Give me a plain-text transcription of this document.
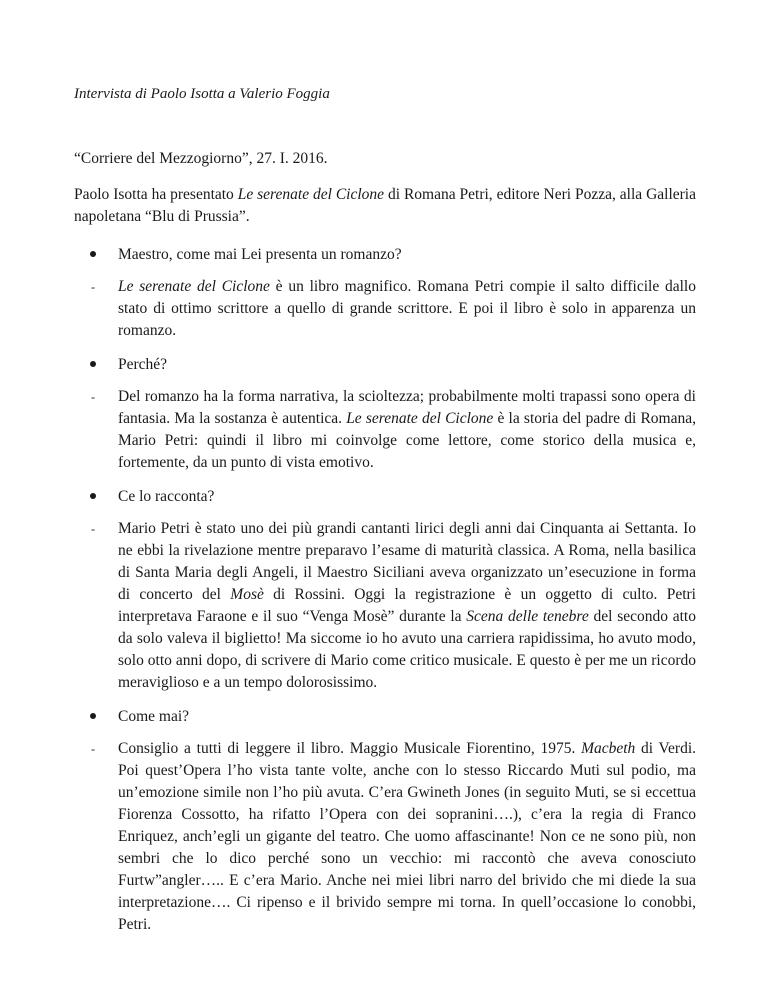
Intervista di Paolo Isotta a Valerio Foggia

“Corriere del Mezzogiorno”, 27. I. 2016.

Paolo Isotta ha presentato Le serenate del Ciclone di Romana Petri, editore Neri Pozza, alla Galleria napoletana “Blu di Prussia”.

Maestro, come mai Lei presenta un romanzo?
-	Le serenate del Ciclone è un libro magnifico. Romana Petri compie il salto difficile dallo stato di ottimo scrittore a quello di grande scrittore. E poi il libro è solo in apparenza un romanzo.
Perché?
-	Del romanzo ha la forma narrativa, la scioltezza; probabilmente molti trapassi sono opera di fantasia. Ma la sostanza è autentica. Le serenate del Ciclone è la storia del padre di Romana, Mario Petri: quindi il libro mi coinvolge come lettore, come storico della musica e, fortemente, da un punto di vista emotivo.
Ce lo racconta?
-	Mario Petri è stato uno dei più grandi cantanti lirici degli anni dai Cinquanta ai Settanta. Io ne ebbi la rivelazione mentre preparavo l’esame di maturità classica. A Roma, nella basilica di Santa Maria degli Angeli, il Maestro Siciliani aveva organizzato un’esecuzione in forma di concerto del Mosè di Rossini. Oggi la registrazione è un oggetto di culto. Petri interpretava Faraone e il suo “Venga Mosè” durante la Scena delle tenebre del secondo atto da solo valeva il biglietto! Ma siccome io ho avuto una carriera rapidissima, ho avuto modo, solo otto anni dopo, di scrivere di Mario come critico musicale. E questo è per me un ricordo meraviglioso e a un tempo dolorosissimo.
Come mai?
-	Consiglio a tutti di leggere il libro. Maggio Musicale Fiorentino, 1975. Macbeth di Verdi. Poi quest’Opera l’ho vista tante volte, anche con lo stesso Riccardo Muti sul podio, ma un’emozione simile non l’ho più avuta. C’era Gwineth Jones (in seguito Muti, se si eccettua Fiorenza Cossotto, ha rifatto l’Opera con dei sopranini….), c’era la regia di Franco Enriquez, anch’egli un gigante del teatro. Che uomo affascinante! Non ce ne sono più, non sembri che lo dico perché sono un vecchio: mi raccontò che aveva conosciuto Furtw”angler….. E c’era Mario. Anche nei miei libri narro del brivido che mi diede la sua interpretazione…. Ci ripenso e il brivido sempre mi torna. In quell’occasione lo conobbi, Petri.
